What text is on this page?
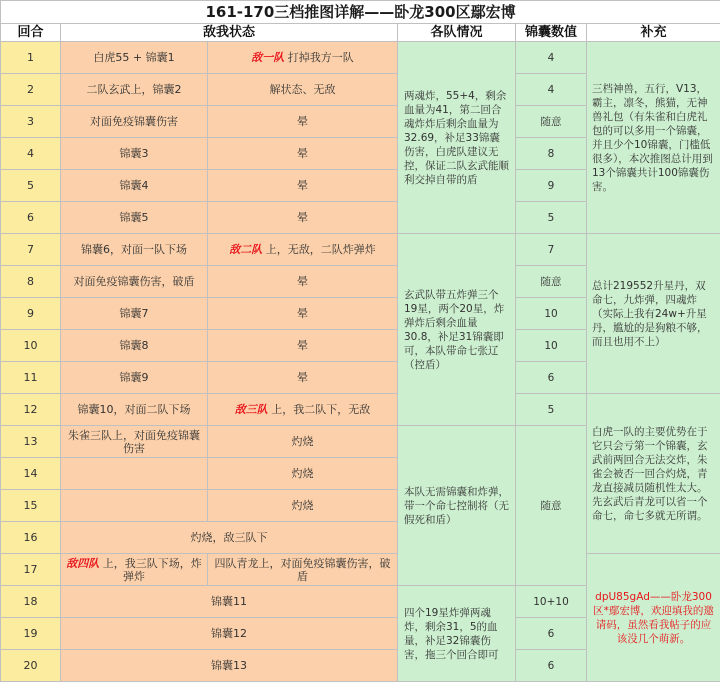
161-170三档推图详解——卧龙300区鄢宏博					
回合	敌我状态		各队情况	锦囊数值	补充
1	白虎55 + 锦囊1	敌一队 打掉我方一队	两魂炸，55+4，剩余血量为41，第二回合魂炸炸后剩余血量为32.69，补足33锦囊伤害，白虎队建议无控，保证二队玄武能顺利交掉自带的盾	4	三档神兽，五行，V13，霸主，凛冬，熊猫，无神兽礼包（有朱雀和白虎礼包的可以多用一个锦囊，并且少个10锦囊，门槛低很多），本次推图总计用到13个锦囊共计100锦囊伤害。
2	二队玄武上，锦囊2	解状态、无敌		4	
3	对面免疫锦囊伤害	晕		随意	
4	锦囊3	晕		8	
5	锦囊4	晕		9	
6	锦囊5	晕		5	
7	锦囊6，对面一队下场	敌二队 上，无敌，二队炸弹炸	玄武队带五炸弹三个19星，两个20星，炸弹炸后剩余血量30.8，补足31锦囊即可，本队带命七张辽（控盾）	7	总计219552升星丹，双命七，九炸弹，四魂炸（实际上我有24w+升星丹，尴尬的是狗粮不够，而且也用不上）
8	对面免疫锦囊伤害，破盾	晕		随意	
9	锦囊7	晕		10	
10	锦囊8	晕		10	
11	锦囊9	晕		6	
12	锦囊10，对面二队下场	敌三队 上，我二队下，无敌		5	白虎一队的主要优势在于它只会亏第一个锦囊，玄武前两回合无法交炸，朱雀会被否一回合灼烧，青龙直接减员随机性太大。先玄武后青龙可以省一个命七，命七多就无所谓。
13	朱雀三队上，对面免疫锦囊伤害	灼烧	本队无需锦囊和炸弹，带一个命七控制将（无假死和盾）	随意	
14		灼烧			
15		灼烧			
16	灼烧，敌三队下				
17	敌四队 上，我三队下场，炸弹炸	四队青龙上，对面免疫锦囊伤害，破盾			dpU85gAd——卧龙300区*鄢宏博，欢迎填我的邀请码，虽然看我帖子的应该没几个萌新。
18	锦囊11		四个19星炸弹两魂炸，剩余31，5的血量，补足32锦囊伤害，拖三个回合即可	10+10	
19	锦囊12			6	
20	锦囊13			6	
